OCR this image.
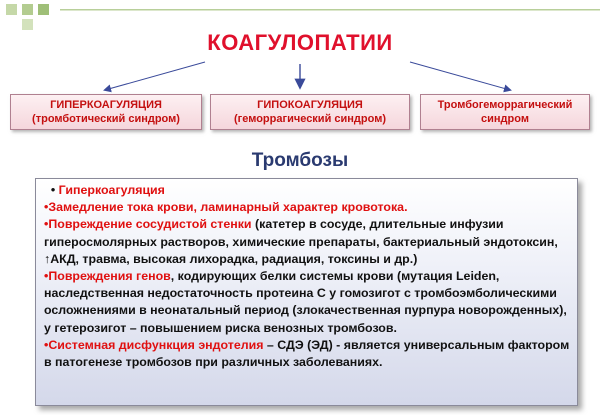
КОАГУЛОПАТИИ
ГИПЕРКОАГУЛЯЦИЯ
(тромботический синдром)
ГИПОКОАГУЛЯЦИЯ
(геморрагический синдром)
Тромбогеморрагический
синдром
Тромбозы

• Гиперкоагуляция

•Замедление тока крови, ламинарный характер кровотока.

•Повреждение сосудистой стенки (катетер в сосуде, длительные инфузии гиперосмолярных растворов, химические препараты, бактериальный эндотоксин, ↑АКД, травма, высокая лихорадка, радиация, токсины и др.)

•Повреждения генов, кодирующих белки системы крови (мутация Leiden, наследственная недостаточность протеина С у гомозигот с тромбоэмболическими осложнениями в неонатальный период (злокачественная пурпура новорожденных), у гетерозигот – повышением риска венозных тромбозов.

•Системная дисфункция эндотелия – СДЭ (ЭД) - является универсальным фактором в патогенезе тромбозов при различных заболеваниях.
